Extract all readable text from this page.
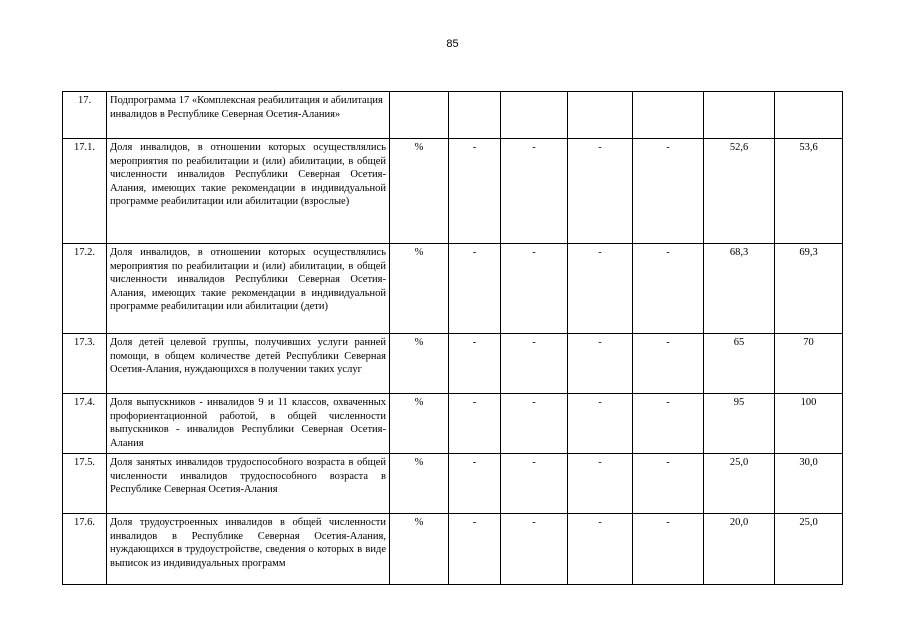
85
17.	Подпрограмма 17 «Комплексная реабилитация и абилитация инвалидов в Республике Северная Осетия-Алания»							
17.1.	Доля инвалидов, в отношении которых осуществлялись мероприятия по реабилитации и (или) абилитации, в общей численности инвалидов Республики Северная Осетия-Алания, имеющих такие рекомендации в индивидуальной программе реабилитации или абилитации (взрослые)	%	-	-	-	-	52,6	53,6
17.2.	Доля инвалидов, в отношении которых осуществлялись мероприятия по реабилитации и (или) абилитации, в общей численности инвалидов Республики Северная Осетия-Алания, имеющих такие рекомендации в индивидуальной программе реабилитации или абилитации (дети)	%	-	-	-	-	68,3	69,3
17.3.	Доля детей целевой группы, получивших услуги ранней помощи, в общем количестве детей Республики Северная Осетия-Алания, нуждающихся в получении таких услуг	%	-	-	-	-	65	70
17.4.	Доля выпускников - инвалидов 9 и 11 классов, охваченных профориентационной работой, в общей численности выпускников - инвалидов Республики Северная Осетия-Алания	%	-	-	-	-	95	100
17.5.	Доля занятых инвалидов трудоспособного возраста в общей численности инвалидов трудоспособного возраста в Республике Северная Осетия-Алания	%	-	-	-	-	25,0	30,0
17.6.	Доля трудоустроенных инвалидов в общей численности инвалидов в Республике Северная Осетия-Алания, нуждающихся в трудоустройстве, сведения о которых в виде выписок из индивидуальных программ	%	-	-	-	-	20,0	25,0
